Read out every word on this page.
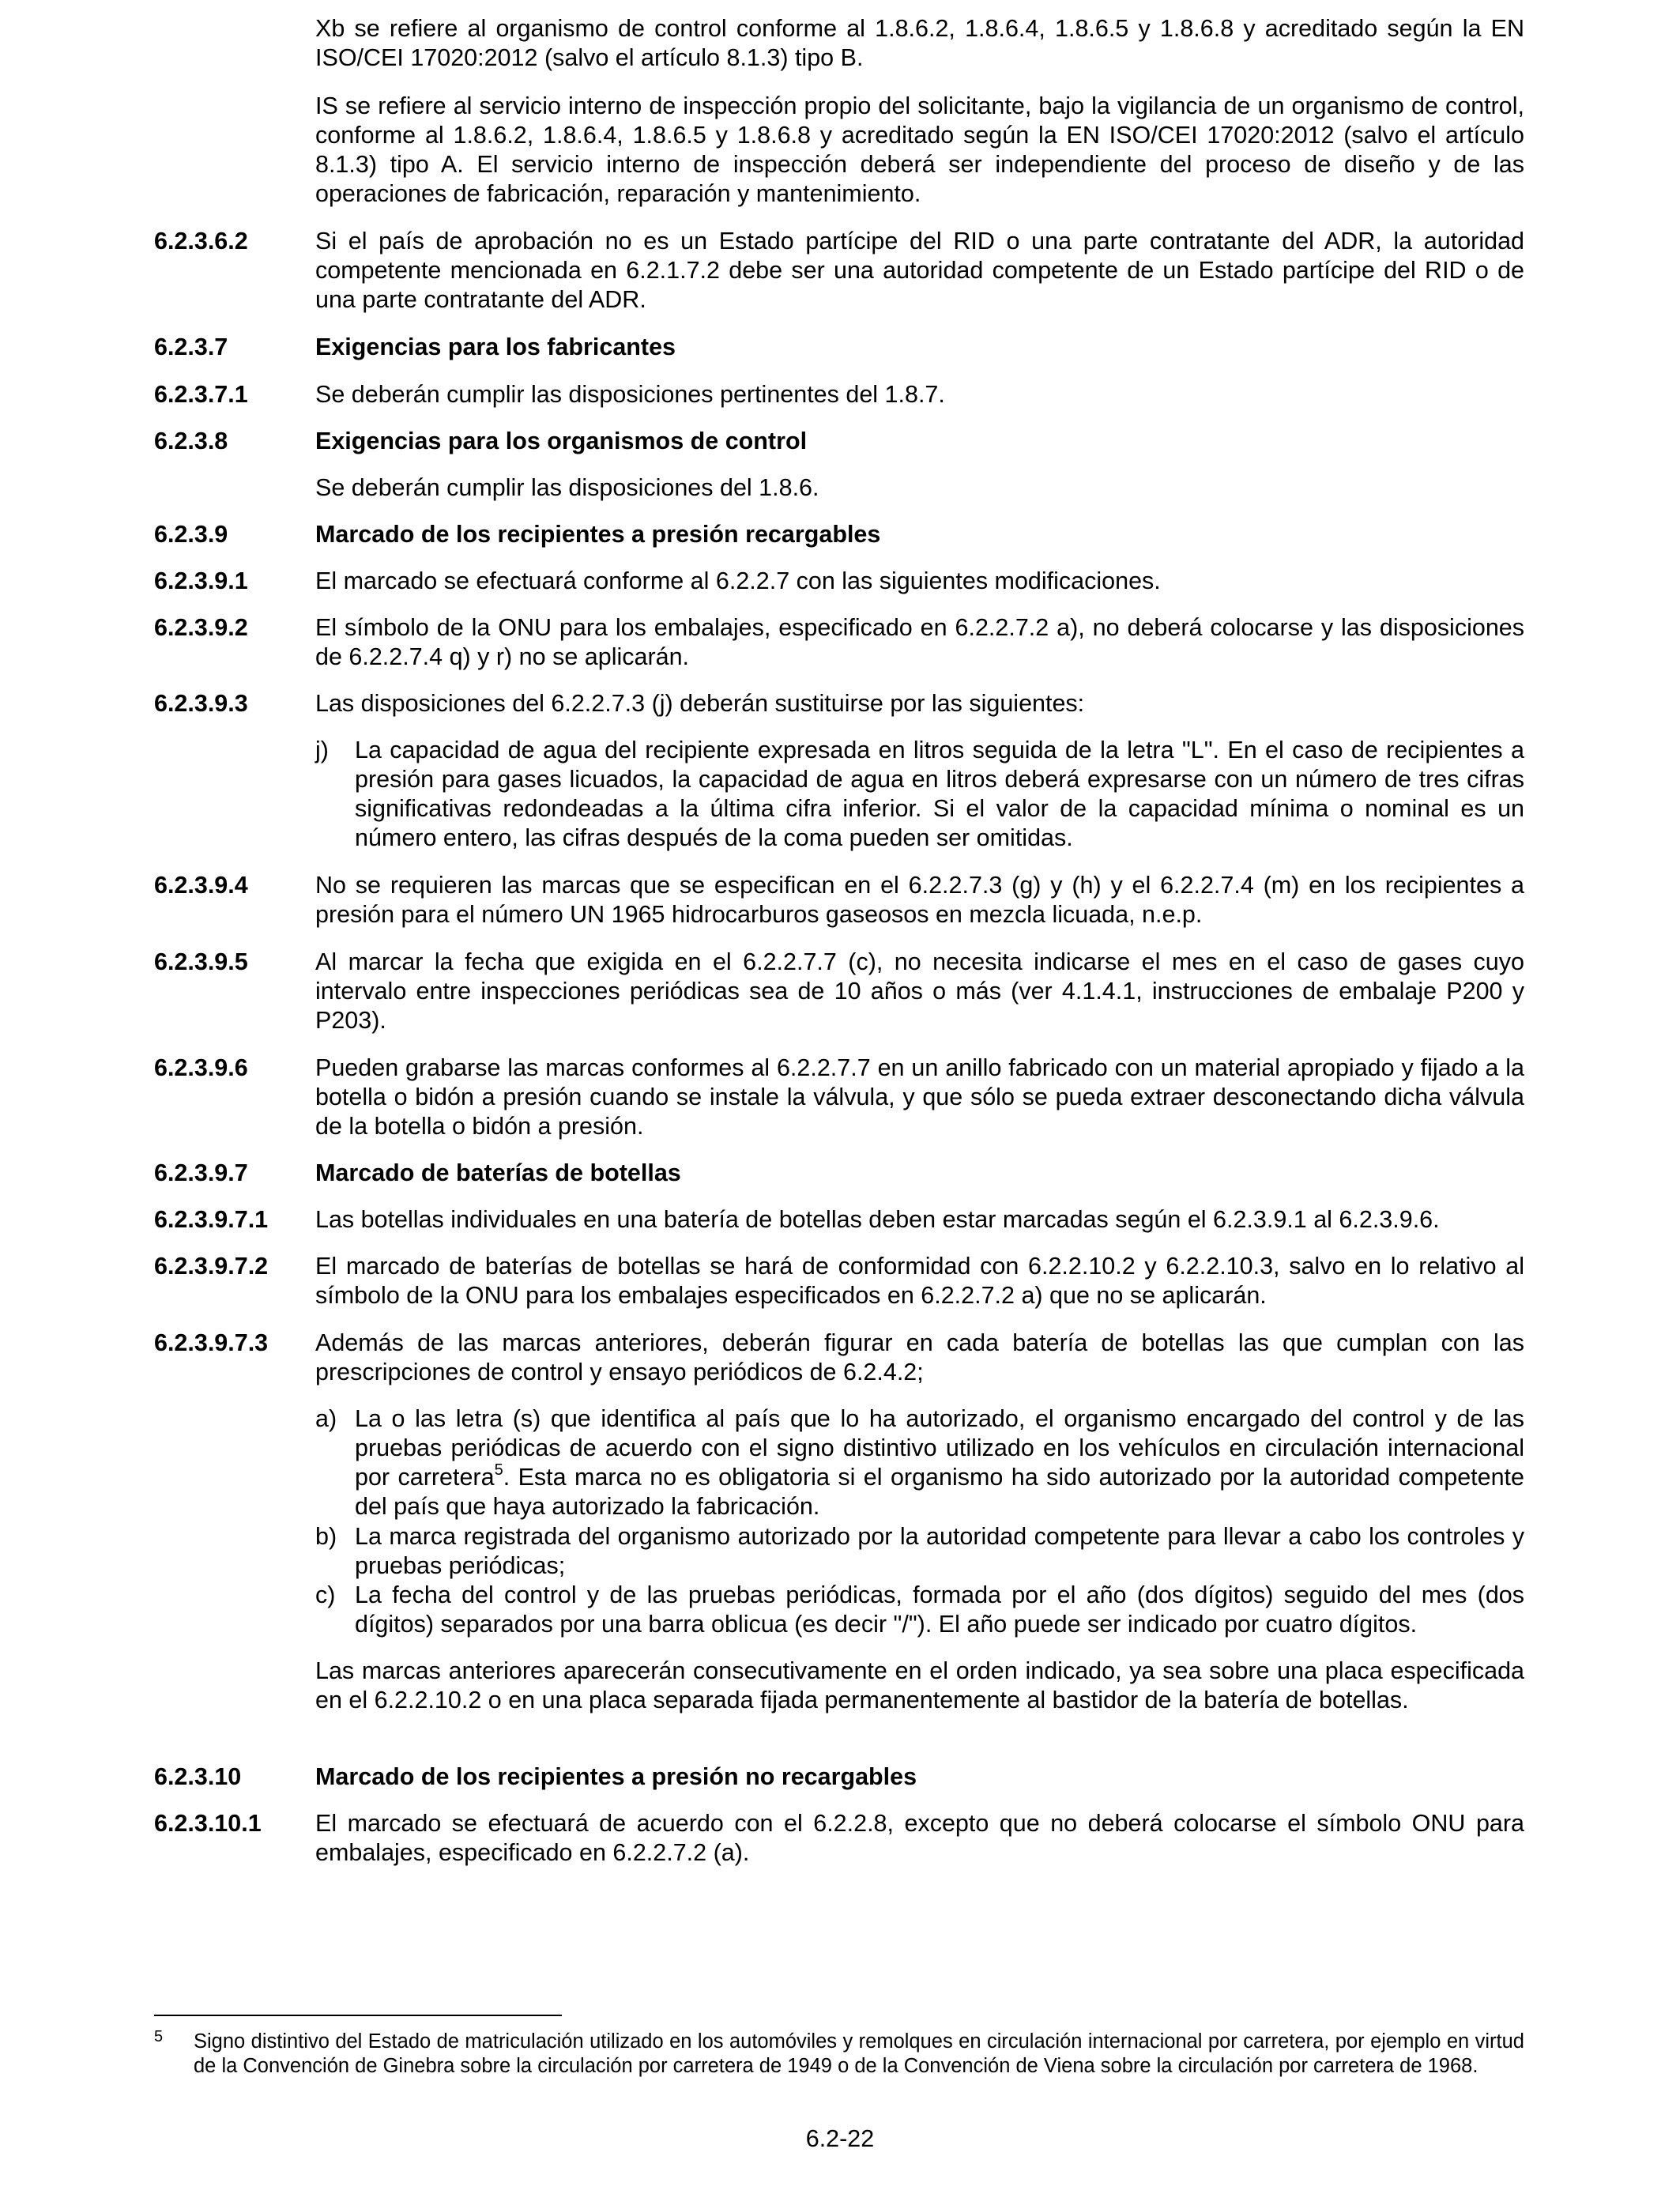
Xb se refiere al organismo de control conforme al 1.8.6.2, 1.8.6.4, 1.8.6.5 y 1.8.6.8 y acreditado según la EN ISO/CEI 17020:2012 (salvo el artículo 8.1.3) tipo B.

IS se refiere al servicio interno de inspección propio del solicitante, bajo la vigilancia de un organismo de control, conforme al 1.8.6.2, 1.8.6.4, 1.8.6.5 y 1.8.6.8 y acreditado según la EN ISO/CEI 17020:2012 (salvo el artículo 8.1.3) tipo A. El servicio interno de inspección deberá ser independiente del proceso de diseño y de las operaciones de fabricación, reparación y mantenimiento.

6.2.3.6.2	Si el país de aprobación no es un Estado partícipe del RID o una parte contratante del ADR, la autoridad competente mencionada en 6.2.1.7.2 debe ser una autoridad competente de un Estado partícipe del RID o de una parte contratante del ADR.

6.2.3.7	Exigencias para los fabricantes
6.2.3.7.1	Se deberán cumplir las disposiciones pertinentes del 1.8.7.

6.2.3.8	Exigencias para los organismos de control

Se deberán cumplir las disposiciones del 1.8.6.

6.2.3.9	Marcado de los recipientes a presión recargables
6.2.3.9.1	El marcado se efectuará conforme al 6.2.2.7 con las siguientes modificaciones.

6.2.3.9.2	El símbolo de la ONU para los embalajes, especificado en 6.2.2.7.2 a), no deberá colocarse y las disposiciones de 6.2.2.7.4 q) y r) no se aplicarán.

6.2.3.9.3	Las disposiciones del 6.2.2.7.3 (j) deberán sustituirse por las siguientes:

j) La capacidad de agua del recipiente expresada en litros seguida de la letra "L". En el caso de recipientes a presión para gases licuados, la capacidad de agua en litros deberá expresarse con un número de tres cifras significativas redondeadas a la última cifra inferior. Si el valor de la capacidad mínima o nominal es un número entero, las cifras después de la coma pueden ser omitidas.

6.2.3.9.4	No se requieren las marcas que se especifican en el 6.2.2.7.3 (g) y (h) y el 6.2.2.7.4 (m) en los recipientes a presión para el número UN 1965 hidrocarburos gaseosos en mezcla licuada, n.e.p.

6.2.3.9.5	Al marcar la fecha que exigida en el 6.2.2.7.7 (c), no necesita indicarse el mes en el caso de gases cuyo intervalo entre inspecciones periódicas sea de 10 años o más (ver 4.1.4.1, instrucciones de embalaje P200 y P203).

6.2.3.9.6	Pueden grabarse las marcas conformes al 6.2.2.7.7 en un anillo fabricado con un material apropiado y fijado a la botella o bidón a presión cuando se instale la válvula, y que sólo se pueda extraer desconectando dicha válvula de la botella o bidón a presión.

6.2.3.9.7	Marcado de baterías de botellas
6.2.3.9.7.1 Las botellas individuales en una batería de botellas deben estar marcadas según el 6.2.3.9.1 al 6.2.3.9.6.

6.2.3.9.7.2 El marcado de baterías de botellas se hará de conformidad con 6.2.2.10.2 y 6.2.2.10.3, salvo en lo relativo al símbolo de la ONU para los embalajes especificados en 6.2.2.7.2 a) que no se aplicarán.

6.2.3.9.7.3 Además de las marcas anteriores, deberán figurar en cada batería de botellas las que cumplan con las prescripciones de control y ensayo periódicos de 6.2.4.2;

a) La o las letra (s) que identifica al país que lo ha autorizado, el organismo encargado del control y de las pruebas periódicas de acuerdo con el signo distintivo utilizado en los vehículos en circulación internacional por carretera$^5$. Esta marca no es obligatoria si el organismo ha sido autorizado por la autoridad competente del país que haya autorizado la fabricación.

b) La marca registrada del organismo autorizado por la autoridad competente para llevar a cabo los controles y pruebas periódicas;

c) La fecha del control y de las pruebas periódicas, formada por el año (dos dígitos) seguido del mes (dos dígitos) separados por una barra oblicua (es decir "/"). El año puede ser indicado por cuatro dígitos.

Las marcas anteriores aparecerán consecutivamente en el orden indicado, ya sea sobre una placa especificada en el 6.2.2.10.2 o en una placa separada fijada permanentemente al bastidor de la batería de botellas.

6.2.3.10	Marcado de los recipientes a presión no recargables
6.2.3.10.1 El marcado se efectuará de acuerdo con el 6.2.2.8, excepto que no deberá colocarse el símbolo ONU para embalajes, especificado en 6.2.2.7.2 (a).

5 Signo distintivo del Estado de matriculación utilizado en los automóviles y remolques en circulación internacional por carretera, por ejemplo en virtud de la Convención de Ginebra sobre la circulación por carretera de 1949 o de la Convención de Viena sobre la circulación por carretera de 1968.

6.2-22
